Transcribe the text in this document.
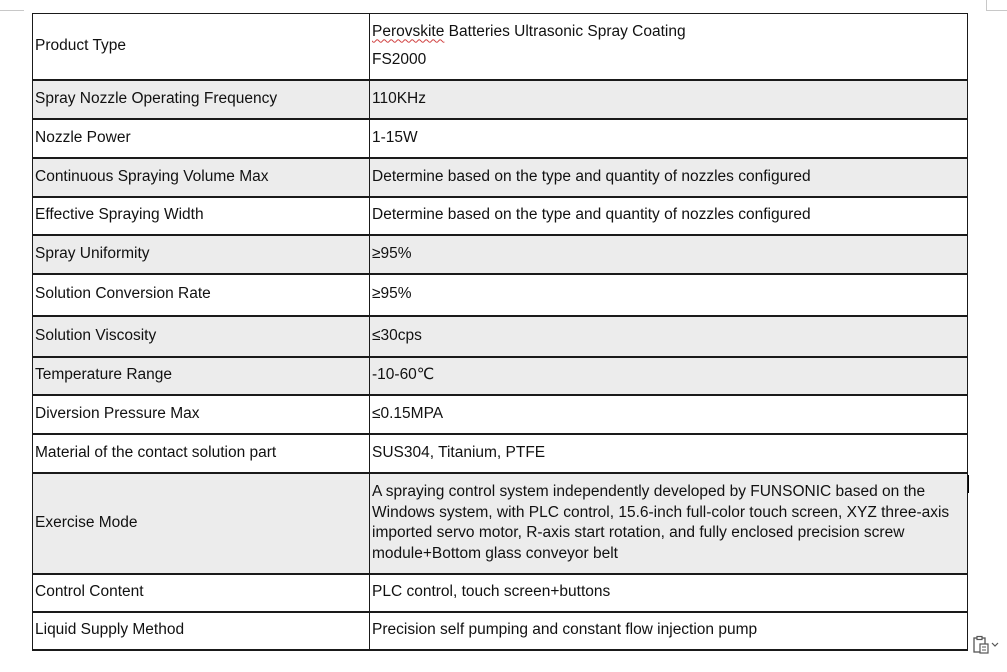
Product Type	Perovskite Batteries Ultrasonic Spray Coating
FS2000

Spray Nozzle Operating Frequency	110KHz

Nozzle Power	1-15W

Continuous Spraying Volume Max	Determine based on the type and quantity of nozzles configured

Effective Spraying Width	Determine based on the type and quantity of nozzles configured

Spray Uniformity	≥95%

Solution Conversion Rate	≥95%

Solution Viscosity	≤30cps

Temperature Range	-10-60℃

Diversion Pressure Max	≤0.15MPA

Material of the contact solution part	SUS304, Titanium, PTFE

Exercise Mode	A spraying control system independently developed by FUNSONIC based on the
Windows system, with PLC control, 15.6-inch full-color touch screen, XYZ three-axis
imported servo motor, R-axis start rotation, and fully enclosed precision screw
module+Bottom glass conveyor belt

Control Content	PLC control, touch screen+buttons

Liquid Supply Method	Precision self pumping and constant flow injection pump
